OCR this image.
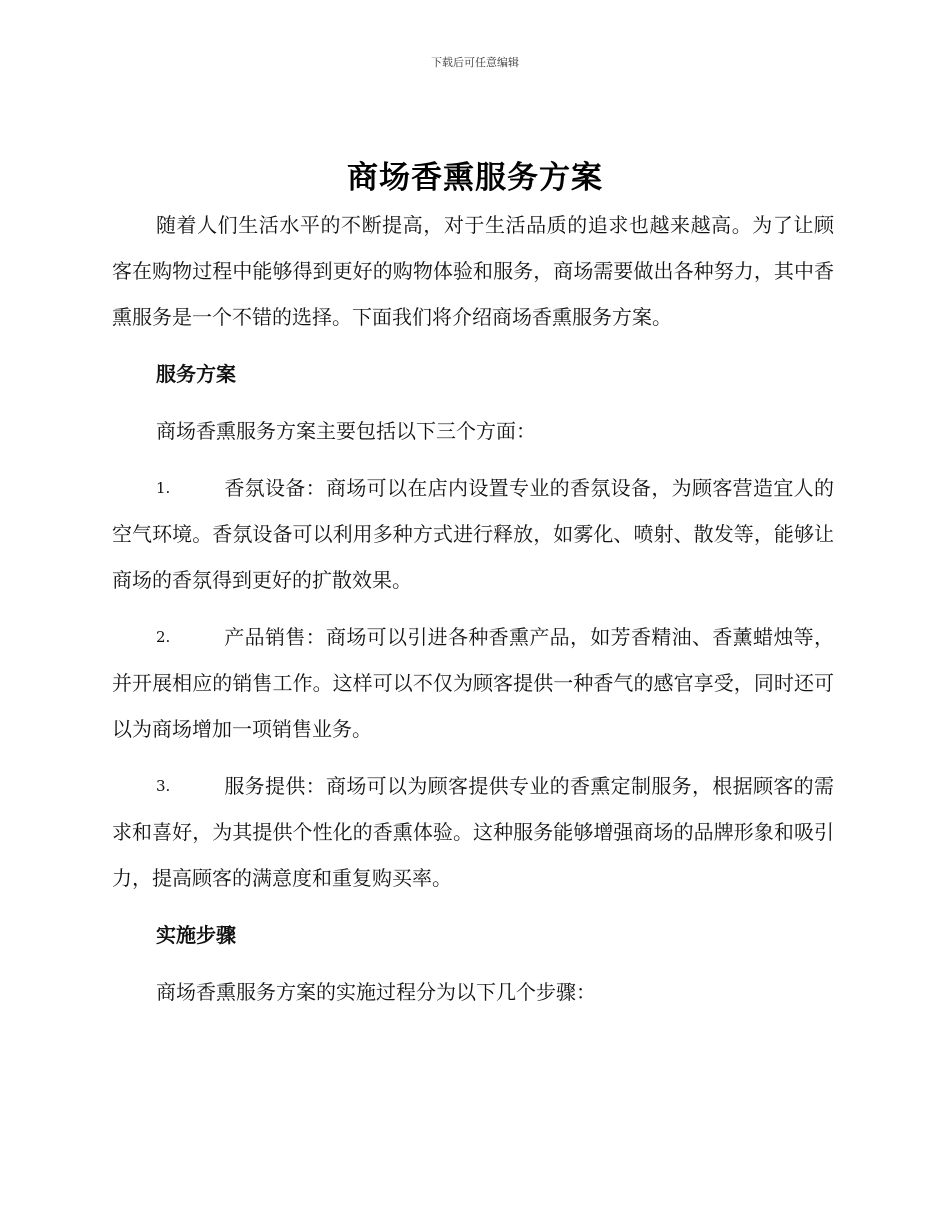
下载后可任意编辑
商场香熏服务方案

随着人们生活水平的不断提高，对于生活品质的追求也越来越高。为了让顾客在购物过程中能够得到更好的购物体验和服务，商场需要做出各种努力，其中香熏服务是一个不错的选择。下面我们将介绍商场香熏服务方案。

服务方案
商场香熏服务方案主要包括以下三个方面：

1.	香氛设备：商场可以在店内设置专业的香氛设备，为顾客营造宜人的空气环境。香氛设备可以利用多种方式进行释放，如雾化、喷射、散发等，能够让商场的香氛得到更好的扩散效果。

2.	产品销售：商场可以引进各种香熏产品，如芳香精油、香薰蜡烛等，并开展相应的销售工作。这样可以不仅为顾客提供一种香气的感官享受，同时还可以为商场增加一项销售业务。

3.	服务提供：商场可以为顾客提供专业的香熏定制服务，根据顾客的需求和喜好，为其提供个性化的香熏体验。这种服务能够增强商场的品牌形象和吸引力，提高顾客的满意度和重复购买率。

实施步骤
商场香熏服务方案的实施过程分为以下几个步骤：
